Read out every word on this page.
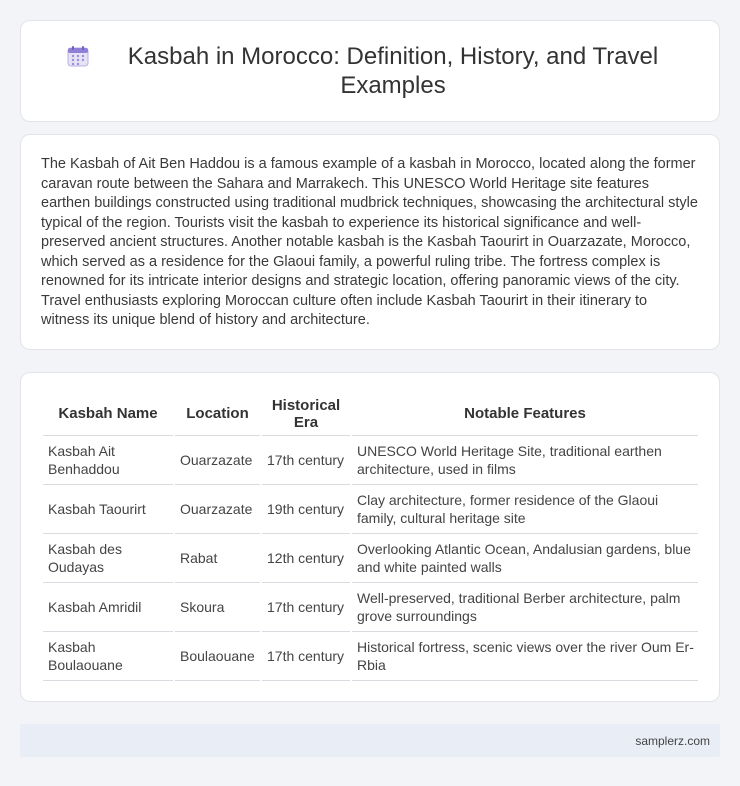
Kasbah in Morocco: Definition, History, and Travel Examples

The Kasbah of Ait Ben Haddou is a famous example of a kasbah in Morocco, located along the former caravan route between the Sahara and Marrakech. This UNESCO World Heritage site features earthen buildings constructed using traditional mudbrick techniques, showcasing the architectural style typical of the region. Tourists visit the kasbah to experience its historical significance and well-preserved ancient structures. Another notable kasbah is the Kasbah Taourirt in Ouarzazate, Morocco, which served as a residence for the Glaoui family, a powerful ruling tribe. The fortress complex is renowned for its intricate interior designs and strategic location, offering panoramic views of the city. Travel enthusiasts exploring Moroccan culture often include Kasbah Taourirt in their itinerary to witness its unique blend of history and architecture.

Kasbah Name	Location	Historical Era	Notable Features
Kasbah Ait Benhaddou	Ouarzazate	17th century	UNESCO World Heritage Site, traditional earthen architecture, used in films
Kasbah Taourirt	Ouarzazate	19th century	Clay architecture, former residence of the Glaoui family, cultural heritage site
Kasbah des Oudayas	Rabat	12th century	Overlooking Atlantic Ocean, Andalusian gardens, blue and white painted walls
Kasbah Amridil	Skoura	17th century	Well-preserved, traditional Berber architecture, palm grove surroundings
Kasbah Boulaouane	Boulaouane	17th century	Historical fortress, scenic views over the river Oum Er-Rbia
samplerz.com
